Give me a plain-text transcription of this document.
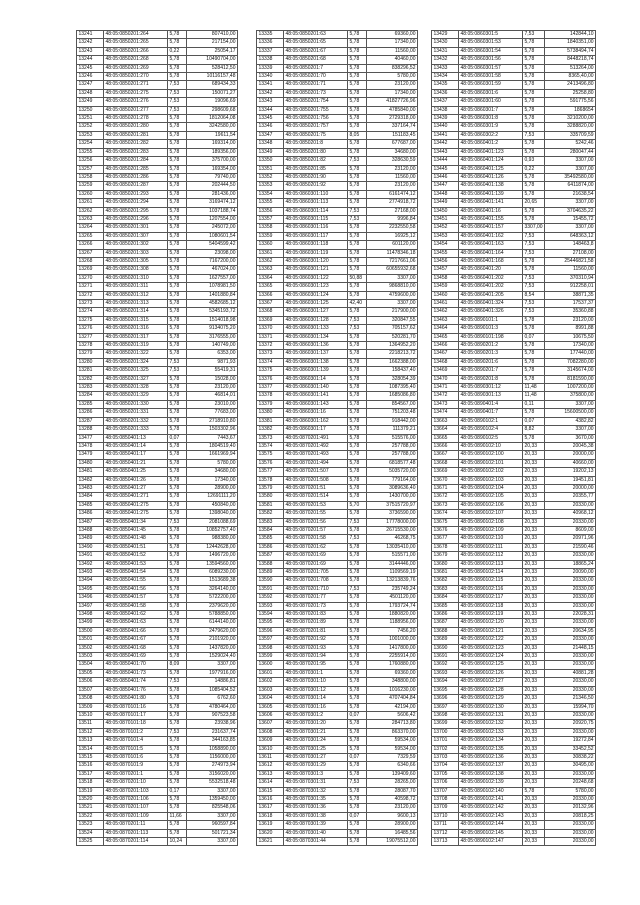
13241	48:05:0850201:264	5,78	807410,00
13242	48:05:0850201:265	5,78	217154,00
13243	48:05:0850201:266	0,22	25054,17
13244	48:05:0850201:268	5,78	10490704,00
13245	48:05:0850201:269	5,78	528412,50
13246	48:05:0850201:270	5,78	10116157,48
13247	48:05:0850201:271	7,53	689434,33
13248	48:05:0850201:275	7,53	150071,27
13249	48:05:0850201:276	7,53	19096,69
13250	48:05:0850201:277	7,53	298609,68
13251	48:05:0850201:278	5,78	1812064,08
13252	48:05:0850201:280	5,78	3242580,00
13253	48:05:0850201:281	5,78	19611,54
13254	48:05:0850201:282	5,78	169314,00
13255	48:05:0850201:283	5,78	189356,00
13256	48:05:0850201:284	5,78	375700,00
13257	48:05:0850201:285	5,78	169354,00
13258	48:05:0850201:286	5,78	79740,00
13259	48:05:0850201:287	5,78	202444,50
13260	48:05:0850201:293	5,78	281436,00
13261	48:05:0850201:294	5,78	3169474,12
13262	48:05:0850201:295	5,78	1037188,74
13263	48:05:0850201:296	5,78	1207554,00
13264	48:05:0850201:301	5,78	245072,00
13265	48:05:0850201:307	5,78	1080601,54
13266	48:05:0850201:302	5,78	5404599,42
13267	48:05:0850201:303	5,78	23098,00
13268	48:05:0850201:305	5,78	7167200,00
13269	48:05:0850201:308	5,78	467024,00
13270	48:05:0850201:310	5,78	1627557,00
13271	48:05:0850201:311	5,78	1078981,50
13272	48:05:0850201:312	5,78	1401880,84
13273	48:05:0850201:313	5,78	4582685,12
13274	48:05:0850201:314	5,78	5345193,72
13275	48:05:0850201:315	5,78	1514018,98
13276	48:05:0850201:316	5,78	9134075,20
13277	48:05:0850201:317	5,78	3176555,00
13278	48:05:0850201:319	5,78	140749,00
13279	48:05:0850201:322	5,78	6353,00
13280	48:05:0850201:324	7,53	9871,93
13281	48:05:0850201:325	7,53	55419,31
13282	48:05:0850201:327	5,78	15028,00
13283	48:05:0850201:328	5,78	23120,00
13284	48:05:0850201:329	5,78	46814,01
13285	48:05:0850201:330	5,78	23010,00
13286	48:05:0850201:331	5,78	77683,00
13287	48:05:0850201:332	5,78	2718910,80
13288	48:05:0850201:333	5,78	1503302,96
13477	48:05:0850401:13	0,07	7443,67
13478	48:05:0850401:14	5,78	1804519,40
13479	48:05:0850401:17	5,78	1661969,94
13480	48:05:0850401:21	5,78	5780,00
13481	48:05:0850401:25	5,78	34680,00
13482	48:05:0850401:26	5,78	17340,00
13483	48:05:0850401:27	5,78	28900,00
13484	48:05:0850401:271	5,78	12691111,20
13485	48:05:0850401:275	5,78	450840,00
13486	48:05:0850401:275	5,78	1398040,00
13487	48:05:0850401:34	7,53	2081088,69
13488	48:05:0850401:45	5,78	10852757,40
13489	48:05:0850401:48	5,78	988380,00
13490	48:05:0850401:51	5,78	12442628,00
13491	48:05:0850401:52	5,78	1496720,00
13492	48:05:0850401:53	5,78	13594560,00
13493	48:05:0850401:54	5,78	6089230,00
13494	48:05:0850401:55	5,78	1513689,38
13495	48:05:0850401:56	5,78	3264140,00
13496	48:05:0850401:57	5,78	5722200,00
13497	48:05:0850401:58	5,78	2379620,00
13498	48:05:0850401:62	5,78	5788850,00
13499	48:05:0850401:63	5,78	6144140,00
13500	48:05:0850401:66	5,78	2479620,00
13501	48:05:0850401:67	5,78	2101920,00
13502	48:05:0850401:68	5,78	1437820,00
13503	48:05:0850401:69	5,78	1529024,40
13504	48:05:0850401:70	8,09	3307,00
13505	48:05:0850401:73	5,78	1977916,00
13506	48:05:0850401:74	7,53	14886,81
13507	48:05:0850401:76	5,78	1085404,52
13508	48:05:0850401:80	5,78	6762,60
13509	48:05:0870101:16	5,78	4780464,00
13510	48:05:0870101:17	5,78	907523,58
13511	48:05:0870101:18	5,78	23938,96
13512	48:05:0870101:2	7,53	231637,74
13513	48:05:0870101:4	5,78	344163,85
13514	48:05:0870101:5	5,78	1058890,00
13515	48:05:0870101:6	5,78	1156000,00
13516	48:05:0870101:9	5,78	274973,94
13517	48:05:0870201:1	5,78	3156020,00
13518	48:05:0870201:10	5,78	5532518,48
13519	48:05:0870201:103	0,17	3307,00
13520	48:05:0870201:106	5,78	1359450,00
13521	48:05:0870201:107	5,78	825548,06
13522	48:05:0870201:109	11,66	3307,00
13523	48:05:0870201:11	5,78	960597,84
13524	48:05:0870201:113	5,78	501721,34
13525	48:05:0870201:114	10,24	3307,00
13335	48:05:0850201:63	5,78	69360,00
13336	48:05:0850201:65	5,78	17340,00
13337	48:05:0850201:67	5,78	11560,00
13338	48:05:0850201:68	5,78	40460,00
13339	48:05:0850201:7	5,78	838296,52
13340	48:05:0850201:70	5,78	5780,00
13341	48:05:0850201:71	5,78	23120,00
13342	48:05:0850201:73	5,78	17340,00
13343	48:05:0850201:754	5,78	41827726,96
13344	48:05:0850201:755	5,78	4785840,00
13345	48:05:0850201:756	5,78	2729318,00
13346	48:05:0850201:757	5,78	337164,74
13347	48:05:0850201:75	8,05	151183,45
13348	48:05:0850201:8	5,78	677687,00
13349	48:05:0850201:80	5,78	34680,00
13350	48:05:0850201:82	7,53	328630,59
13351	48:05:0850201:85	5,78	23120,00
13352	48:05:0850201:90	5,78	11560,00
13353	48:05:0850201:92	5,78	23120,00
13354	48:05:0860301:110	5,78	6161474,12
13355	48:05:0860301:113	5,78	2774918,72
13356	48:05:0860301:114	7,53	27168,00
13357	48:05:0860301:115	7,53	9996,84
13358	48:05:0860301:116	5,78	2232550,58
13359	48:05:0860301:117	5,78	16925,12
13360	48:05:0860301:118	5,78	601120,00
13361	48:05:0860301:119	5,78	11478346,18
13362	48:05:0860301:120	5,78	7217661,06
13363	48:05:0860301:121	5,78	60655932,68
13364	48:05:0860301:122	50,88	3307,00
13365	48:05:0860301:123	5,78	9868810,00
13366	48:05:0860301:124	5,78	4759600,00
13367	48:05:0860301:125	42,40	3307,00
13368	48:05:0860301:127	5,78	217900,00
13369	48:05:0860301:128	7,53	320847,55
13370	48:05:0860301:133	7,53	705157,62
13371	48:05:0860301:134	5,78	520281,70
13372	48:05:0860301:136	5,78	1364952,20
13373	48:05:0860301:137	5,78	2218213,72
13374	48:05:0860301:138	5,78	1662388,00
13375	48:05:0860301:139	5,78	158437,40
13376	48:05:0860301:14	5,78	328054,39
13377	48:05:0860301:140	5,78	1087395,40
13378	48:05:0860301:141	5,78	1685086,80
13379	48:05:0860301:143	5,78	854567,00
13380	48:05:0860301:16	5,78	751203,48
13381	48:05:0860301:162	5,78	918442,00
13382	48:05:0860301:17	5,78	111379,21
13573	48:05:0870201:491	5,78	515576,00
13574	48:05:0870201:492	5,78	257788,00
13575	48:05:0870201:493	5,78	257788,00
13576	48:05:0870201:494	5,78	6818577,48
13577	48:05:0870201:507	5,78	5035720,00
13578	48:05:0870201:508	5,78	779164,00
13579	48:05:0870201:51	5,78	3089636,40
13580	48:05:0870201:514	5,78	1430700,00
13581	48:05:0870201:53	5,70	37515720,97
13582	48:05:0870201:55	5,78	3736590,00
13583	48:05:0870201:56	7,53	17778000,00
13584	48:05:0870201:57	5,78	26715530,00
13585	48:05:0870201:58	7,53	46268,75
13586	48:05:0870201:62	5,78	13035410,00
13587	48:05:0870201:69	5,78	515571,00
13588	48:05:0870201:69	5,78	3144446,00
13589	48:05:0870201:705	5,78	1109569,19
13590	48:05:0870201:708	5,78	13213839,76
13591	48:05:0870201:710	7,53	235749,24
13592	48:05:0870201:77	5,78	4501120,00
13593	48:05:0870201:73	5,78	1793724,74
13594	48:05:0870201:83	5,78	1880820,00
13595	48:05:0870201:89	5,78	1188956,00
13596	48:05:0870201:81	5,78	7456,20
13597	48:05:0870201:92	5,78	1001000,00
13598	48:05:0870201:93	5,78	1417800,00
13599	48:05:0870201:94	5,78	2255914,00
13600	48:05:0870201:95	5,78	1760880,00
13601	48:05:0870301:1	5,78	69360,00
13602	48:05:0870301:10	5,78	348800,00
13603	48:05:0870301:12	5,78	1016230,00
13604	48:05:0870301:14	5,78	4707404,84
13605	48:05:0870301:16	5,78	42194,00
13606	48:05:0870301:2	0,07	5606,42
13607	48:05:0870301:20	5,78	284713,80
13608	48:05:0870301:21	5,78	863370,00
13609	48:05:0870301:24	5,78	59534,00
13610	48:05:0870301:25	5,78	59534,00
13611	48:05:0870301:27	0,07	7329,59
13612	48:05:0870301:29	5,78	6340,66
13613	48:05:0870301:3	5,78	139409,60
13614	48:05:0870301:31	7,53	28265,00
13615	48:05:0870301:32	5,78	28087,70
13616	48:05:0870301:35	5,78	40598,72
13617	48:05:0870301:36	5,78	23120,00
13618	48:05:0870301:38	0,07	9600,13
13619	48:05:0870301:39	5,78	28900,00
13620	48:05:0870301:40	5,78	16485,56
13621	48:05:0870301:44	5,78	19075512,00
13429	48:05:0860301:5	7,53	142844,10
13430	48:05:0860301:53	5,78	1840351,00
13431	48:05:0860301:54	5,78	5738494,74
13432	48:05:0860301:56	5,78	8448218,74
13433	48:05:0860301:57	5,78	513264,00
13434	48:05:0860301:58	5,78	8365,40,00
13435	48:05:0860301:59	5,78	2413496,80
13436	48:05:0860301:6	5,78	25258,80
13437	48:05:0860301:60	5,78	591775,56
13438	48:05:0860301:7	5,78	1868654
13439	48:05:0860301:8	5,78	3210200,00
13440	48:05:0860301:9	5,78	3288820,00
13441	48:05:0860302:2	7,53	335709,59
13442	48:05:0860401:2	5,78	5242,46
13443	48:05:0860401:123	5,78	280047,44
13444	48:05:0860401:124	0,93	3307,00
13445	48:05:0860401:125	0,22	3307,00
13446	48:05:0860401:126	5,78	35492580,00
13447	48:05:0860401:138	5,78	6411874,00
13448	48:05:0860401:139	5,78	21638,54
13449	48:05:0860401:141	20,65	3307,00
13450	48:05:0860401:16	5,78	3704635,22
13451	48:05:0860401:155	5,78	15455,72
13452	48:05:0860401:157	3307,00	3307,00
13453	48:05:0860401:162	7,53	648363,12
13454	48:05:0860401:163	7,53	148463,8
13455	48:05:0860401:164	7,53	27108,00
13456	48:05:0860401:168	5,78	25446821,58
13457	48:05:0860401:20	5,78	11560,00
13458	48:05:0860401:202	7,53	370310,94
13459	48:05:0860401:202	7,53	912258,01
13460	48:05:0860401:205	8,54	38871,35
13461	48:05:0860401:324	7,53	17537,37
13462	48:05:0860401:326	7,53	35360,88
13463	48:05:0890101:1	5,78	23120,00
13464	48:05:0890101:3	5,78	8991,88
13465	48:05:0890101:198	0,07	10675,50
13466	48:05:0890201:2	5,78	17340,00
13467	48:05:0890201:3	5,78	177440,00
13468	48:05:0890201:6	5,78	7082280,00
13469	48:05:0890201:7	5,78	3145674,00
13470	48:05:0890201:8	5,78	8181590,00
13471	48:05:0890301:12	11,48	1007200,00
13472	48:05:0890301:13	11,48	375800,00
13473	48:05:0890401:4	0,11	3307,00
13474	48:05:0890401:7	5,78	15600500,00
13663	48:05:0890102:1	0,07	4382,82
13664	48:05:0890102:4	8,82	3307,00
13665	48:05:0890102:5	5,78	3670,00
13666	48:05:0890102:10	20,33	20045,38
13667	48:05:0890102:100	20,33	20000,00
13668	48:05:0890102:101	20,33	40660,00
13669	48:05:0890102:102	20,33	19202,13
13670	48:05:0890102:103	20,33	19451,81
13671	48:05:0890102:104	20,33	20000,00
13672	48:05:0890102:105	20,33	20355,77
13673	48:05:0890102:106	20,33	20330,00
13674	48:05:0890102:107	20,33	40968,12
13675	48:05:0890102:108	20,33	20330,00
13676	48:05:0890102:109	20,33	8609,00
13677	48:05:0890102:110	20,33	20971,96
13678	48:05:0890102:111	20,33	21590,46
13679	48:05:0890102:112	20,33	20330,00
13680	48:05:0890102:113	20,33	18865,24
13681	48:05:0890102:114	20,33	20090,00
13682	48:05:0890102:115	20,33	20330,00
13683	48:05:0890102:116	20,33	20330,00
13684	48:05:0890102:117	20,33	20330,00
13685	48:05:0890102:118	20,33	20330,00
13686	48:05:0890102:119	20,33	22028,31
13687	48:05:0890102:120	20,33	20330,00
13688	48:05:0890102:121	20,33	20634,95
13689	48:05:0890102:122	20,33	20330,00
13690	48:05:0890102:123	20,33	21448,15
13691	48:05:0890102:124	20,33	20330,00
13692	48:05:0890102:125	20,33	20330,00
13693	48:05:0890102:126	20,33	40881,28
13694	48:05:0890102:127	20,33	20330,00
13695	48:05:0890102:128	20,33	20330,00
13696	48:05:0890102:129	20,33	21346,50
13697	48:05:0890102:130	20,33	15994,70
13698	48:05:0890102:131	20,33	20330,00
13699	48:05:0890102:132	20,33	20920,75
13700	48:05:0890102:133	20,33	20330,00
13701	48:05:0890102:134	20,33	19272,84
13702	48:05:0890102:135	20,33	33452,52
13703	48:05:0890102:136	20,33	30838,22
13704	48:05:0890102:137	20,33	30495,00
13705	48:05:0890102:138	20,33	20330,00
13706	48:05:0890102:139	20,33	20248,68
13707	48:05:0890102:140	5,78	5780,00
13708	48:05:0890102:141	20,33	20330,00
13709	48:05:0890102:142	20,33	20132,96
13710	48:05:0890102:143	20,33	20818,25
13711	48:05:0890102:144	20,33	20330,00
13712	48:05:0890102:145	20,33	20330,00
13713	48:05:0890102:147	20,33	20330,00
